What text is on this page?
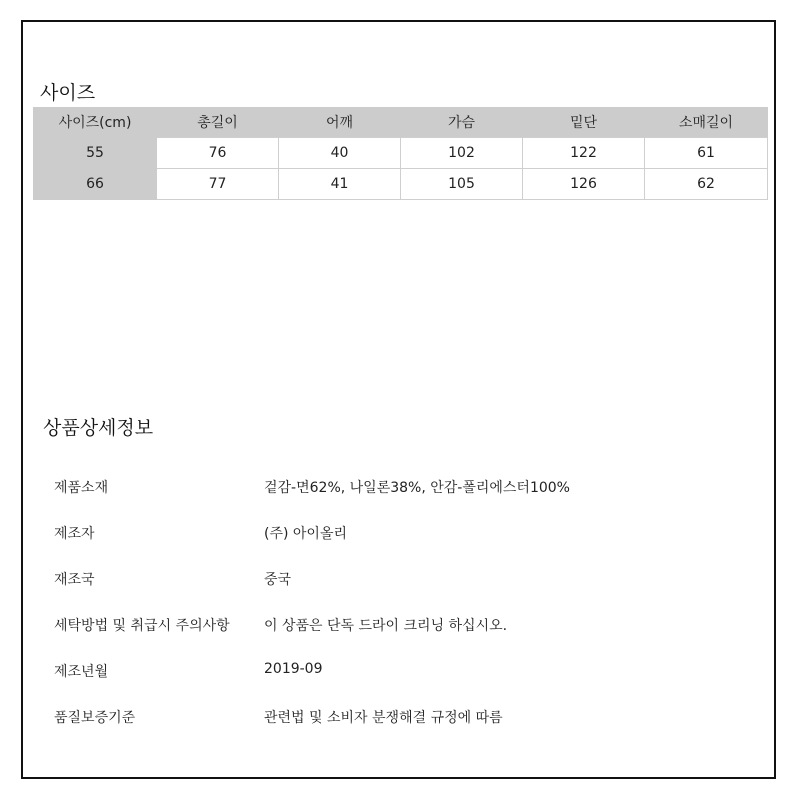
사이즈
사이즈(cm)	총길이	어깨	가슴	밑단	소매길이
55	76	40	102	122	61
66	77	41	105	126	62
상품상세정보
제품소재	겉감-면62%, 나일론38%, 안감-폴리에스터100%
제조자	(주) 아이올리
재조국	중국
세탁방법 및 취급시 주의사항	이 상품은 단독 드라이 크리닝 하십시오.
제조년월	2019-09
품질보증기준	관련법 및 소비자 분쟁해결 규정에 따름
